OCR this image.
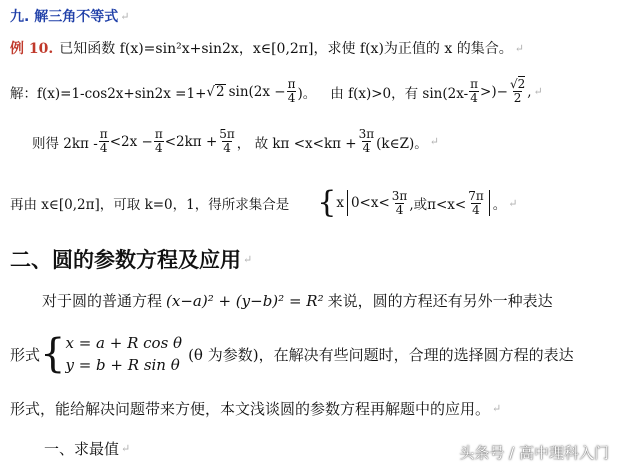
九. 解三角不等式 ↵
例 10. 已知函数 f(x)=sin²x+sin2x，x∈[0,2π]，求使 f(x)为正值的 x 的集合。 ↵
解：f(x)=1-cos2x+sin2x =1+ √ 2 $\sin(2x - \frac{\pi}{4}$ )。 由 f(x)>0，有 sin(2x-
π
4 >)− $\frac{√2}{2}$ , ↵
则得 2kπ -
π
$4 <2x - \frac{\pi}{4} <2k\pi + \frac{5\pi}{4}$ ， 故 $k\pi <x<k\pi + \frac{3\pi}{4}$ (k∈Z)。 ↵
再由 x∈[0,2π]，可取 k=0，1，得所求集合是 { x 0<x< 3π
4 ,或π<x<
7π
4 。 ↵
二、圆的参数方程及应用 ↵
对于圆的普通方程 (x−a)² + (y−b)² = R² 来说，圆的方程还有另外一种表达
形式 { x = a + R cos θ
y = b + R sin θ
(θ 为参数) ，在解决有些问题时，合理的选择圆方程的表达
形式，能给解决问题带来方便，本文浅谈圆的参数方程再解题中的应用。 ↵
一、求最值 ↵	头条号 / 高中理科入门
